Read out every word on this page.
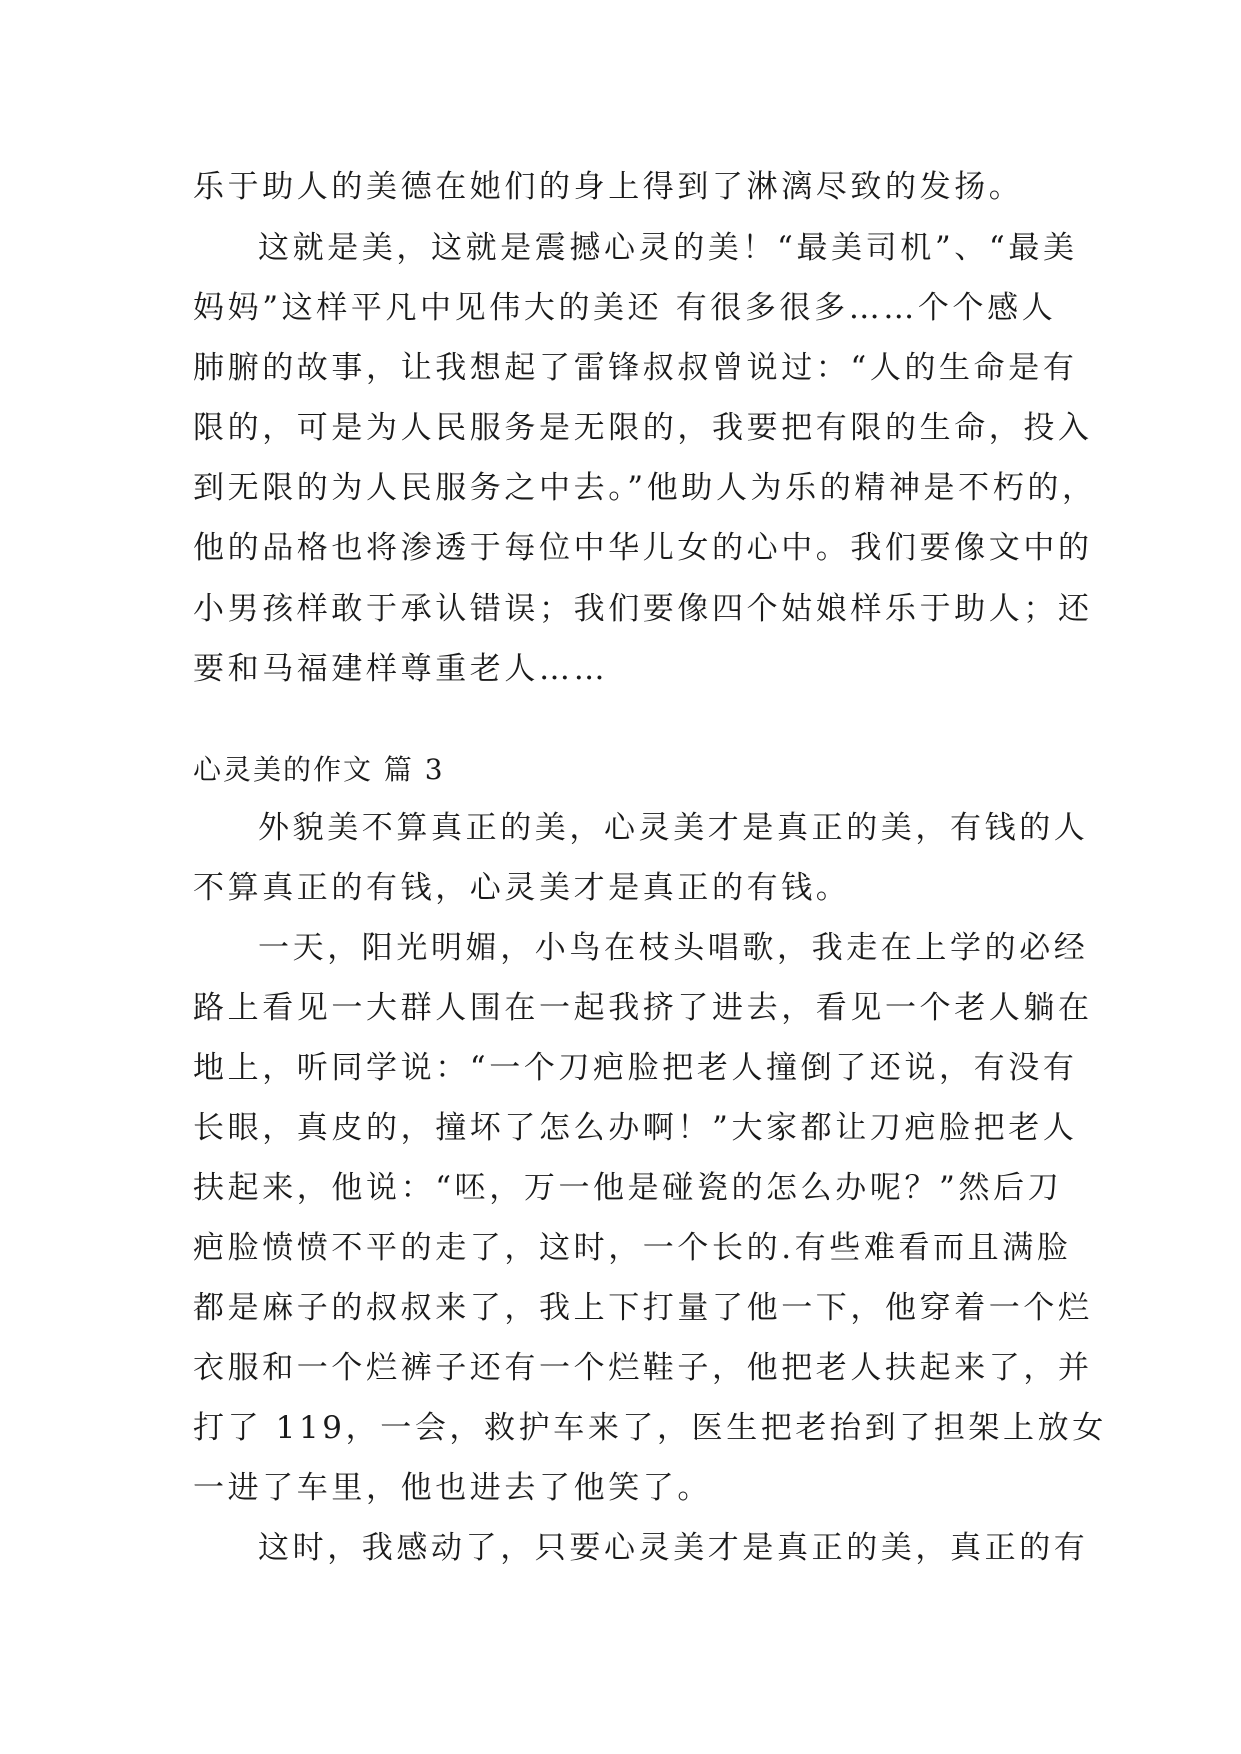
乐于助人的美德在她们的身上得到了淋漓尽致的发扬。
这就是美，这就是震撼心灵的美！“最美司机”、“最美
妈妈”这样平凡中见伟大的美还 有很多很多……个个感人
肺腑的故事，让我想起了雷锋叔叔曾说过：“人的生命是有
限的，可是为人民服务是无限的，我要把有限的生命，投入
到无限的为人民服务之中去。”他助人为乐的精神是不朽的，
他的品格也将渗透于每位中华儿女的心中。我们要像文中的
小男孩样敢于承认错误；我们要像四个姑娘样乐于助人；还
要和马福建样尊重老人……
心灵美的作文 篇 3
外貌美不算真正的美，心灵美才是真正的美，有钱的人
不算真正的有钱，心灵美才是真正的有钱。
一天，阳光明媚，小鸟在枝头唱歌，我走在上学的必经
路上看见一大群人围在一起我挤了进去，看见一个老人躺在
地上，听同学说：“一个刀疤脸把老人撞倒了还说，有没有
长眼，真皮的，撞坏了怎么办啊！”大家都让刀疤脸把老人
扶起来，他说：“呸，万一他是碰瓷的怎么办呢？”然后刀
疤脸愤愤不平的走了，这时，一个长的.有些难看而且满脸
都是麻子的叔叔来了，我上下打量了他一下，他穿着一个烂
衣服和一个烂裤子还有一个烂鞋子，他把老人扶起来了，并
打了 119，一会，救护车来了，医生把老抬到了担架上放女
一进了车里，他也进去了他笑了。
这时，我感动了，只要心灵美才是真正的美，真正的有
